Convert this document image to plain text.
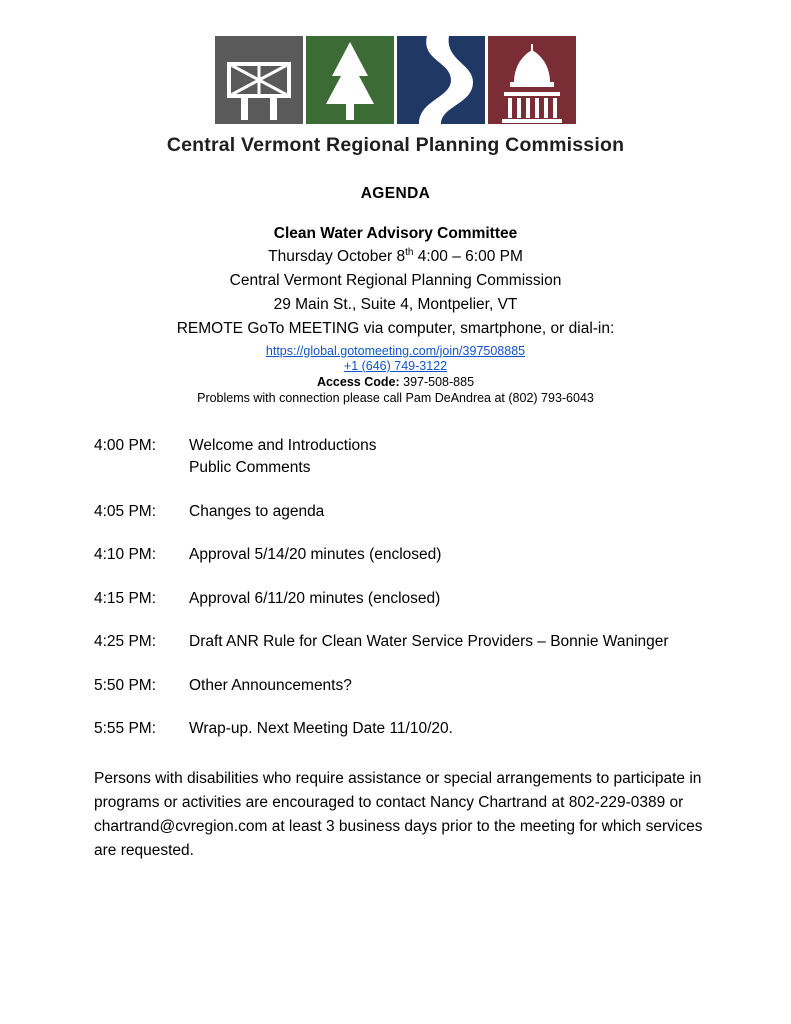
Central Vermont Regional Planning Commission
AGENDA
Clean Water Advisory Committee
Thursday October 8th 4:00 – 6:00 PM
Central Vermont Regional Planning Commission
29 Main St., Suite 4, Montpelier, VT
REMOTE GoTo MEETING via computer, smartphone, or dial-in:
https://global.gotomeeting.com/join/397508885
+1 (646) 749-3122
Access Code: 397-508-885
Problems with connection please call Pam DeAndrea at (802) 793-6043
4:00 PM:	Welcome and Introductions
Public Comments
4:05 PM:	Changes to agenda
4:10 PM:	Approval 5/14/20 minutes (enclosed)
4:15 PM:	Approval 6/11/20 minutes (enclosed)
4:25 PM:	Draft ANR Rule for Clean Water Service Providers – Bonnie Waninger
5:50 PM:	Other Announcements?
5:55 PM:	Wrap-up. Next Meeting Date 11/10/20.
Persons with disabilities who require assistance or special arrangements to participate in programs or activities are encouraged to contact Nancy Chartrand at 802-229-0389 or chartrand@cvregion.com at least 3 business days prior to the meeting for which services are requested.
